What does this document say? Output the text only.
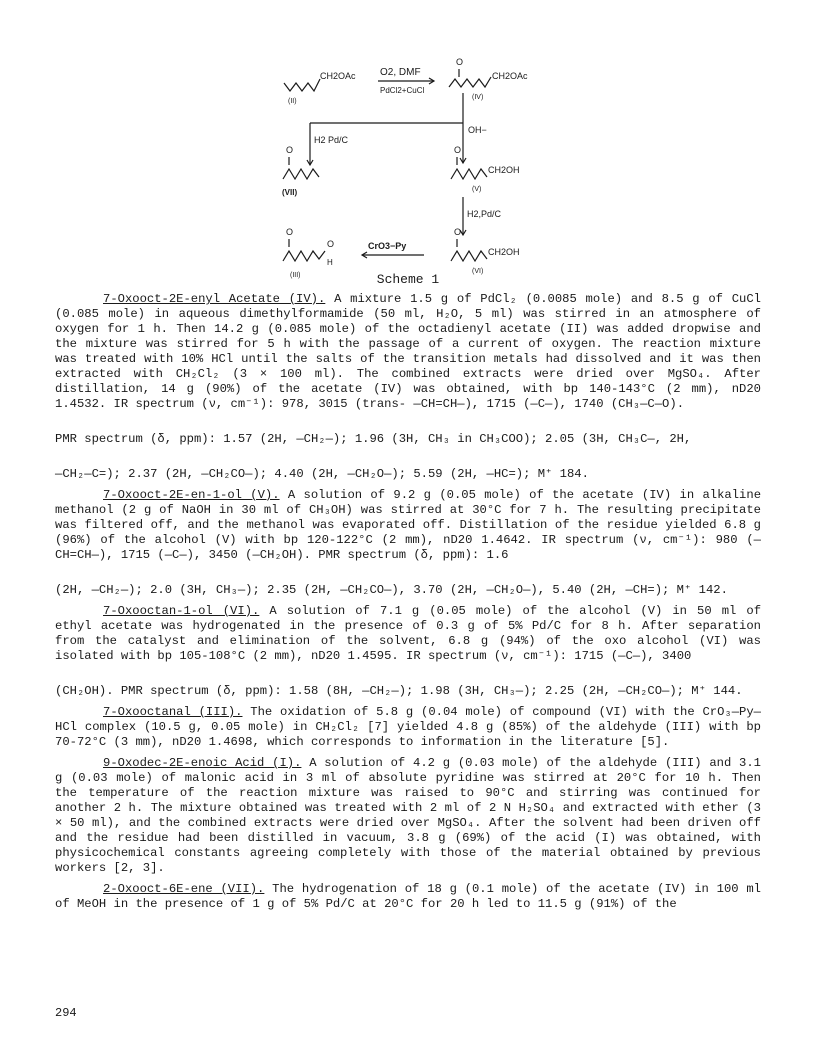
CH2OAc
(II)
O2, DMF
PdCl2+CuCl
O
CH2OAc
(IV)
OH−
H2 Pd/C
O
(VII)
O
CH2OH
(V)
H2,Pd/C
O
O
H
(III)
CrO3−Py
O
CH2OH
(VI)
Scheme 1

7-Oxooct-2E-enyl Acetate (IV). A mixture 1.5 g of PdCl₂ (0.0085 mole) and 8.5 g of CuCl (0.085 mole) in aqueous dimethylformamide (50 ml, H₂O, 5 ml) was stirred in an atmosphere of oxygen for 1 h. Then 14.2 g (0.085 mole) of the octadienyl acetate (II) was added dropwise and the mixture was stirred for 5 h with the passage of a current of oxygen. The reaction mixture was treated with 10% HCl until the salts of the transition metals had dissolved and it was then extracted with CH₂Cl₂ (3 × 100 ml). The combined extracts were dried over MgSO₄. After distillation, 14 g (90%) of the acetate (IV) was obtained, with bp 140-143°C (2 mm), nD20 1.4532. IR spectrum (ν, cm⁻¹): 978, 3015 (trans- —CH=CH—), 1715 (—C—), 1740 (CH₃—C—O).

PMR spectrum (δ, ppm): 1.57 (2H, —CH₂—); 1.96 (3H, CH₃ in CH₃COO); 2.05 (3H, CH₃C—, 2H,

—CH₂—C=); 2.37 (2H, —CH₂CO—); 4.40 (2H, —CH₂O—); 5.59 (2H, —HC=); M⁺ 184.

7-Oxooct-2E-en-1-ol (V). A solution of 9.2 g (0.05 mole) of the acetate (IV) in alkaline methanol (2 g of NaOH in 30 ml of CH₃OH) was stirred at 30°C for 7 h. The resulting precipitate was filtered off, and the methanol was evaporated off. Distillation of the residue yielded 6.8 g (96%) of the alcohol (V) with bp 120-122°C (2 mm), nD20 1.4642. IR spectrum (ν, cm⁻¹): 980 (—CH=CH—), 1715 (—C—), 3450 (—CH₂OH). PMR spectrum (δ, ppm): 1.6

(2H, —CH₂—); 2.0 (3H, CH₃—); 2.35 (2H, —CH₂CO—), 3.70 (2H, —CH₂O—), 5.40 (2H, —CH=); M⁺ 142.

7-Oxooctan-1-ol (VI). A solution of 7.1 g (0.05 mole) of the alcohol (V) in 50 ml of ethyl acetate was hydrogenated in the presence of 0.3 g of 5% Pd/C for 8 h. After separation from the catalyst and elimination of the solvent, 6.8 g (94%) of the oxo alcohol (VI) was isolated with bp 105-108°C (2 mm), nD20 1.4595. IR spectrum (ν, cm⁻¹): 1715 (—C—), 3400

(CH₂OH). PMR spectrum (δ, ppm): 1.58 (8H, —CH₂—); 1.98 (3H, CH₃—); 2.25 (2H, —CH₂CO—); M⁺ 144.

7-Oxooctanal (III). The oxidation of 5.8 g (0.04 mole) of compound (VI) with the CrO₃—Py—HCl complex (10.5 g, 0.05 mole) in CH₂Cl₂ [7] yielded 4.8 g (85%) of the aldehyde (III) with bp 70-72°C (3 mm), nD20 1.4698, which corresponds to information in the literature [5].

9-Oxodec-2E-enoic Acid (I). A solution of 4.2 g (0.03 mole) of the aldehyde (III) and 3.1 g (0.03 mole) of malonic acid in 3 ml of absolute pyridine was stirred at 20°C for 10 h. Then the temperature of the reaction mixture was raised to 90°C and stirring was continued for another 2 h. The mixture obtained was treated with 2 ml of 2 N H₂SO₄ and extracted with ether (3 × 50 ml), and the combined extracts were dried over MgSO₄. After the solvent had been driven off and the residue had been distilled in vacuum, 3.8 g (69%) of the acid (I) was obtained, with physicochemical constants agreeing completely with those of the material obtained by previous workers [2, 3].

2-Oxooct-6E-ene (VII). The hydrogenation of 18 g (0.1 mole) of the acetate (IV) in 100 ml of MeOH in the presence of 1 g of 5% Pd/C at 20°C for 20 h led to 11.5 g (91%) of the

294
